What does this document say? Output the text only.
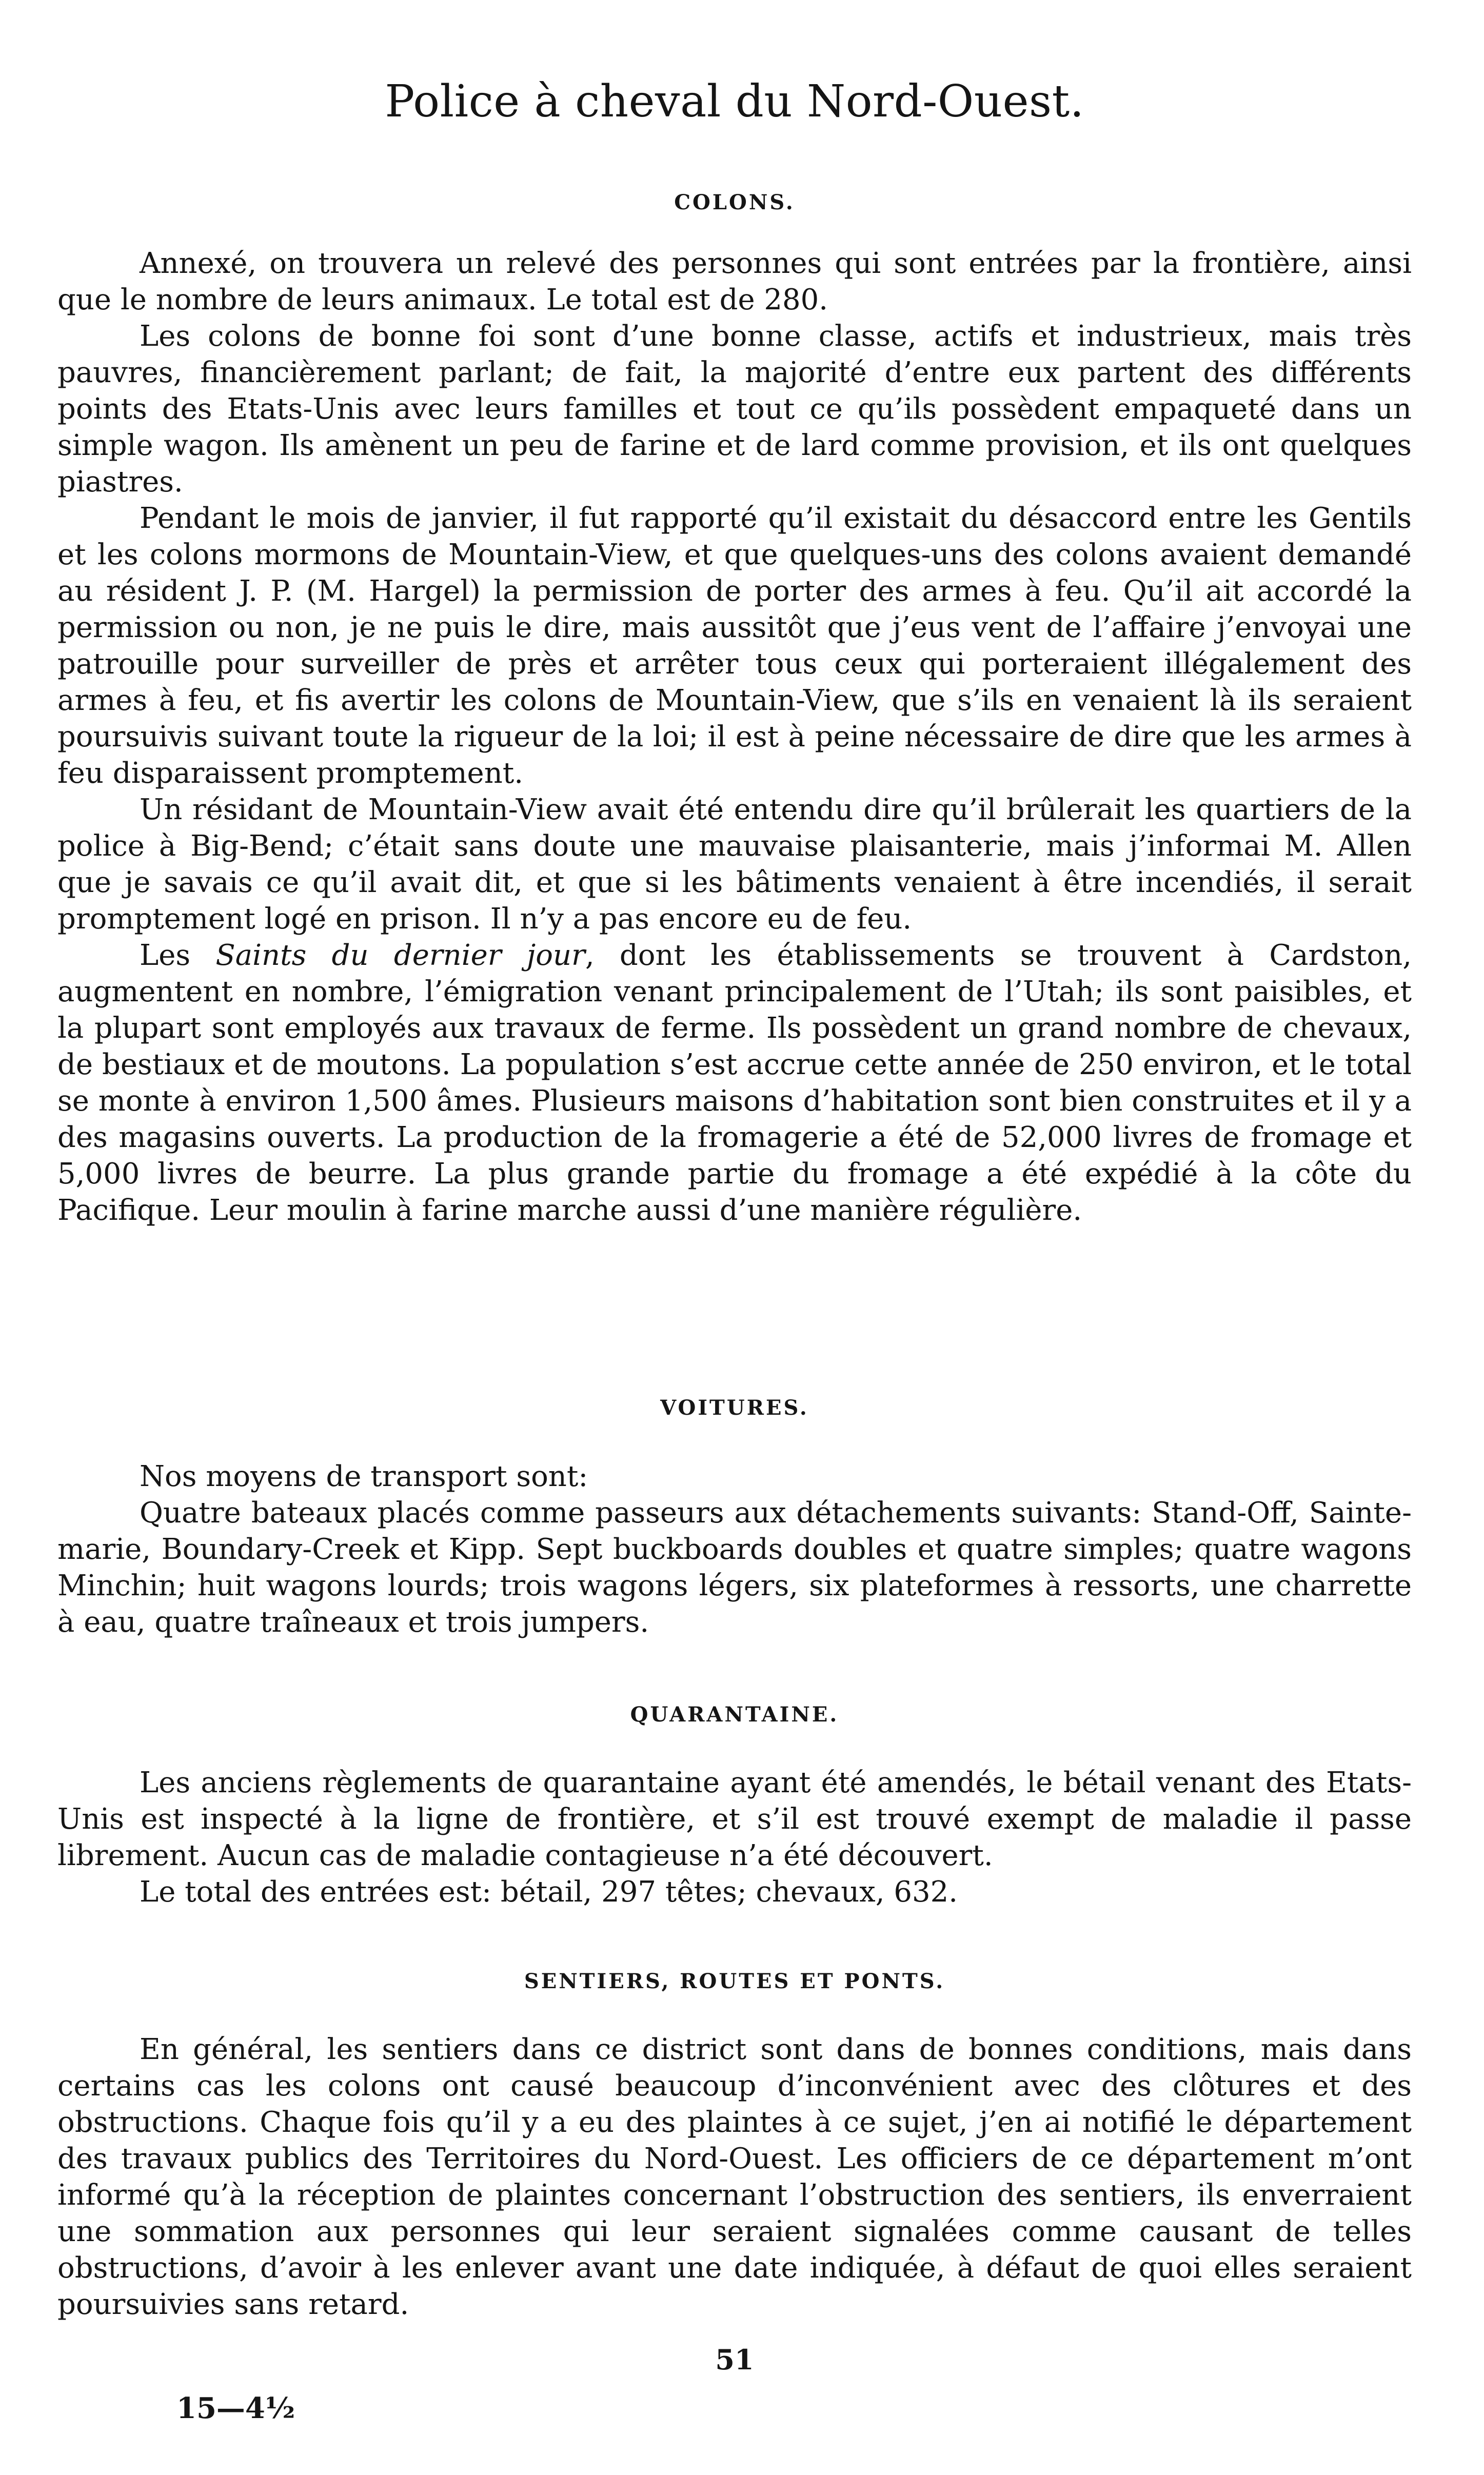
Police à cheval du Nord-Ouest.
COLONS.

Annexé, on trouvera un relevé des personnes qui sont entrées par la frontière, ainsi que le nombre de leurs animaux. Le total est de 280.

Les colons de bonne foi sont d’une bonne classe, actifs et industrieux, mais très pauvres, financièrement parlant; de fait, la majorité d’entre eux partent des différents points des Etats-Unis avec leurs familles et tout ce qu’ils possèdent empaqueté dans un simple wagon. Ils amènent un peu de farine et de lard comme provision, et ils ont quelques piastres.

Pendant le mois de janvier, il fut rapporté qu’il existait du désaccord entre les Gentils et les colons mormons de Mountain-View, et que quelques-uns des colons avaient demandé au résident J. P. (M. Hargel) la permission de porter des armes à feu. Qu’il ait accordé la permission ou non, je ne puis le dire, mais aussitôt que j’eus vent de l’affaire j’envoyai une patrouille pour surveiller de près et arrêter tous ceux qui porteraient illégalement des armes à feu, et fis avertir les colons de Mountain-View, que s’ils en venaient là ils seraient poursuivis suivant toute la rigueur de la loi; il est à peine nécessaire de dire que les armes à feu disparaissent promptement.

Un résidant de Mountain-View avait été entendu dire qu’il brûlerait les quartiers de la police à Big-Bend; c’était sans doute une mauvaise plaisanterie, mais j’informai M. Allen que je savais ce qu’il avait dit, et que si les bâtiments venaient à être incendiés, il serait promptement logé en prison. Il n’y a pas encore eu de feu.

Les Saints du dernier jour, dont les établissements se trouvent à Cardston, augmentent en nombre, l’émigration venant principalement de l’Utah; ils sont paisibles, et la plupart sont employés aux travaux de ferme. Ils possèdent un grand nombre de chevaux, de bestiaux et de moutons. La population s’est accrue cette année de 250 environ, et le total se monte à environ 1,500 âmes. Plusieurs maisons d’habitation sont bien construites et il y a des magasins ouverts. La production de la fromagerie a été de 52,000 livres de fromage et 5,000 livres de beurre. La plus grande partie du fromage a été expédié à la côte du Pacifique. Leur moulin à farine marche aussi d’une manière régulière.

VOITURES.

Nos moyens de transport sont:

Quatre bateaux placés comme passeurs aux détachements suivants: Stand-Off, Sainte-marie, Boundary-Creek et Kipp. Sept buckboards doubles et quatre simples; quatre wagons Minchin; huit wagons lourds; trois wagons légers, six plateformes à ressorts, une charrette à eau, quatre traîneaux et trois jumpers.

QUARANTAINE.

Les anciens règlements de quarantaine ayant été amendés, le bétail venant des Etats-Unis est inspecté à la ligne de frontière, et s’il est trouvé exempt de maladie il passe librement. Aucun cas de maladie contagieuse n’a été découvert.

Le total des entrées est: bétail, 297 têtes; chevaux, 632.

SENTIERS, ROUTES ET PONTS.

En général, les sentiers dans ce district sont dans de bonnes conditions, mais dans certains cas les colons ont causé beaucoup d’inconvénient avec des clôtures et des obstructions. Chaque fois qu’il y a eu des plaintes à ce sujet, j’en ai notifié le département des travaux publics des Territoires du Nord-Ouest. Les officiers de ce département m’ont informé qu’à la réception de plaintes concernant l’obstruction des sentiers, ils enverraient une sommation aux personnes qui leur seraient signalées comme causant de telles obstructions, d’avoir à les enlever avant une date indiquée, à défaut de quoi elles seraient poursuivies sans retard.

51
15—4½
